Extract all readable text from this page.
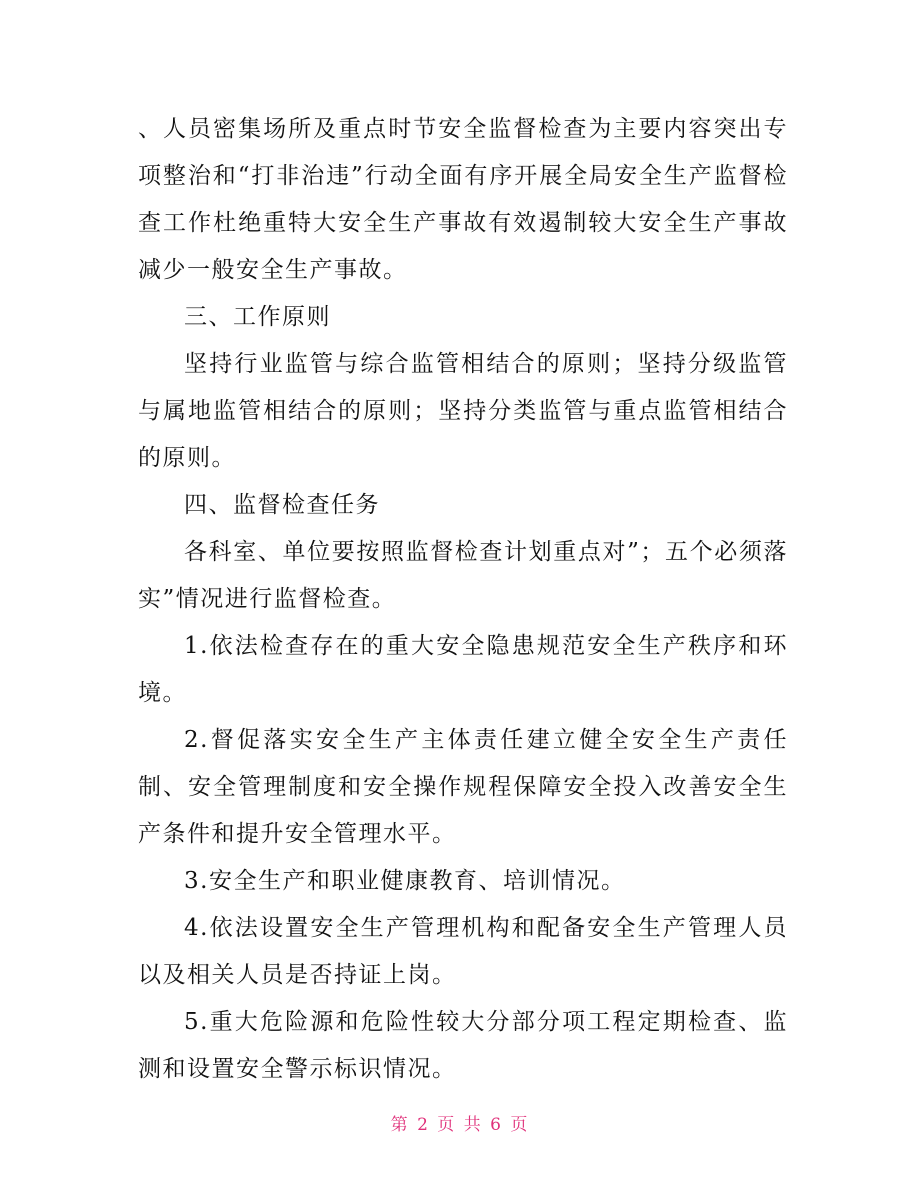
、人员密集场所及重点时节安全监督检查为主要内容突出专项整治和“打非治违”行动全面有序开展全局安全生产监督检查工作杜绝重特大安全生产事故有效遏制较大安全生产事故减少一般安全生产事故。

三、工作原则

坚持行业监管与综合监管相结合的原则；坚持分级监管与属地监管相结合的原则；坚持分类监管与重点监管相结合的原则。

四、监督检查任务

各科室、单位要按照监督检查计划重点对”；五个必须落实”情况进行监督检查。

1.依法检查存在的重大安全隐患规范安全生产秩序和环境。

2.督促落实安全生产主体责任建立健全安全生产责任制、安全管理制度和安全操作规程保障安全投入改善安全生产条件和提升安全管理水平。

3.安全生产和职业健康教育、培训情况。

4.依法设置安全生产管理机构和配备安全生产管理人员以及相关人员是否持证上岗。

5.重大危险源和危险性较大分部分项工程定期检查、监测和设置安全警示标识情况。

第 2 页 共 6 页
